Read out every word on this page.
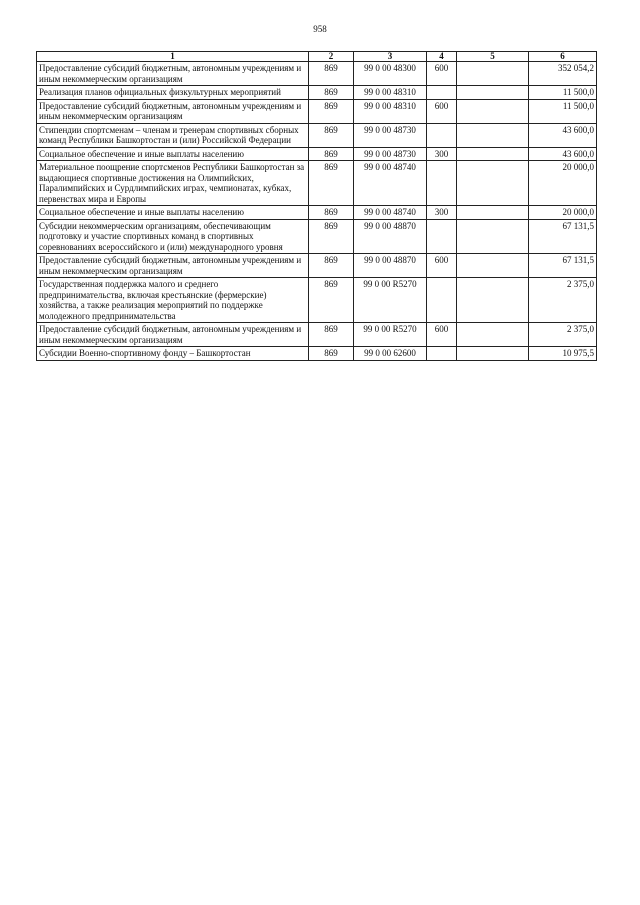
958
1	2	3	4	5	6
Предоставление субсидий бюджетным, автономным учреждениям и иным некоммерческим организациям	869	99 0 00 48300	600		352 054,2
Реализация планов официальных физкультурных мероприятий	869	99 0 00 48310			11 500,0
Предоставление субсидий бюджетным, автономным учреждениям и иным некоммерческим организациям	869	99 0 00 48310	600		11 500,0
Стипендии спортсменам – членам и тренерам спортивных сборных команд Республики Башкортостан и (или) Российской Федерации	869	99 0 00 48730			43 600,0
Социальное обеспечение и иные выплаты населению	869	99 0 00 48730	300		43 600,0
Материальное поощрение спортсменов Республики Башкортостан за выдающиеся спортивные достижения на Олимпийских, Паралимпийских и Сурдлимпийских играх, чемпионатах, кубках, первенствах мира и Европы	869	99 0 00 48740			20 000,0
Социальное обеспечение и иные выплаты населению	869	99 0 00 48740	300		20 000,0
Субсидии некоммерческим организациям, обеспечивающим подготовку и участие спортивных команд в спортивных соревнованиях всероссийского и (или) международного уровня	869	99 0 00 48870			67 131,5
Предоставление субсидий бюджетным, автономным учреждениям и иным некоммерческим организациям	869	99 0 00 48870	600		67 131,5
Государственная поддержка малого и среднего предпринимательства, включая крестьянские (фермерские) хозяйства, а также реализация мероприятий по поддержке молодежного предпринимательства	869	99 0 00 R5270			2 375,0
Предоставление субсидий бюджетным, автономным учреждениям и иным некоммерческим организациям	869	99 0 00 R5270	600		2 375,0
Субсидии Военно-спортивному фонду – Башкортостан	869	99 0 00 62600			10 975,5
